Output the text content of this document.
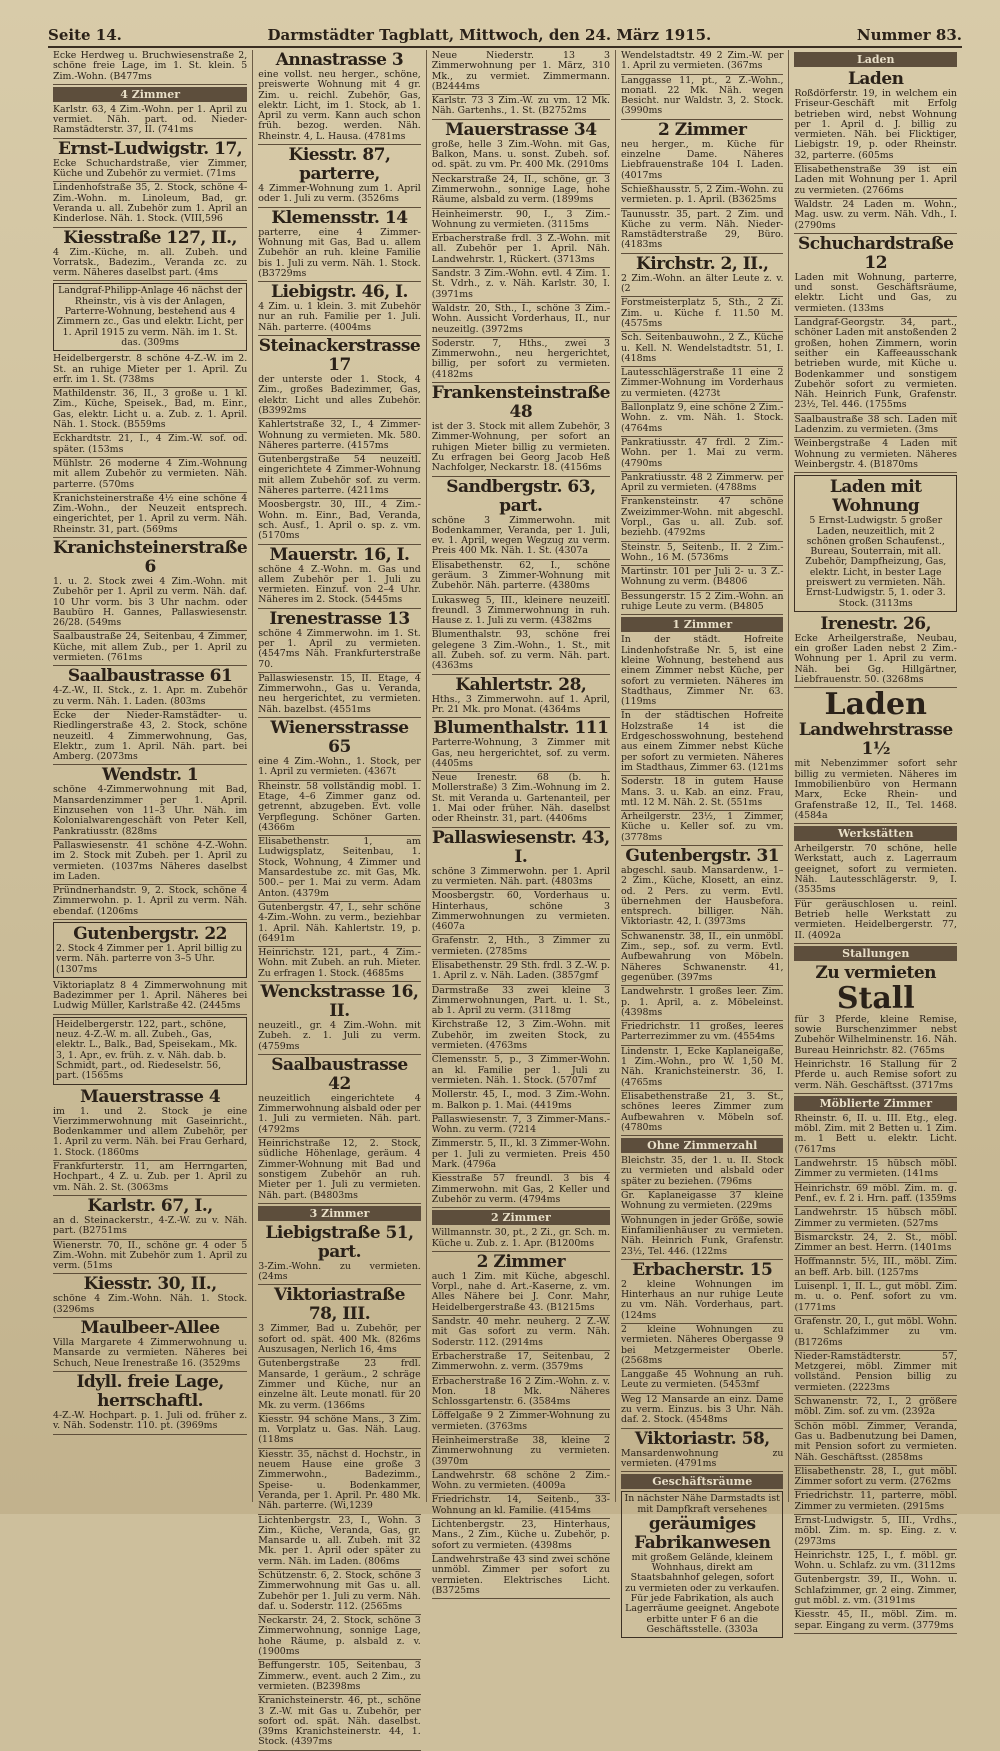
Seite 14.	Darmstädter Tagblatt, Mittwoch, den 24. März 1915.	Nummer 83.
Ecke Herdweg u. Bruchwiesenstraße 2, schöne freie Lage, im 1. St. klein. 5 Zim.-Wohn. (B477ms
4 Zimmer
Karlstr. 63, 4 Zim.-Wohn. per 1. April zu vermiet. Näh. part. od. Nieder-Ramstädterstr. 37, II. (741ms
Ernst-Ludwigstr. 17,
Ecke Schuchardstraße, vier Zimmer, Küche und Zubehör zu vermiet. (71ms
Lindenhofstraße 35, 2. Stock, schöne 4-Zim.-Wohn. m. Linoleum, Bad, gr. Veranda u. all. Zubehör zum 1. April an Kinderlose. Näh. 1. Stock. (VIII,596
Kiesstraße 127, II.,
4 Zim.-Küche, m. all. Zubeh. und Vorratsk., Badezim., Veranda zc. zu verm. Näheres daselbst part. (4ms
Landgraf-Philipp-Anlage 46 nächst der Rheinstr., vis à vis der Anlagen, Parterre-Wohnung, bestehend aus 4 Zimmern zc., Gas und elektr. Licht, per 1. April 1915 zu verm. Näh. im 1. St. das. (309ms
Heidelbergerstr. 8 schöne 4-Z.-W. im 2. St. an ruhige Mieter per 1. April. Zu erfr. im 1. St. (738ms
Mathildenstr. 36, II., 3 große u. 1 kl. Zim., Küche, Speisek., Bad, m. Einr., Gas, elektr. Licht u. a. Zub. z. 1. April. Näh. 1. Stock. (B559ms
Eckhardtstr. 21, I., 4 Zim.-W. sof. od. später. (153ms
Mühlstr. 26 moderne 4 Zim.-Wohnung mit allem Zubehör zu vermieten. Näh. parterre. (570ms
Kranichsteinerstraße 4½ eine schöne 4 Zim.-Wohn., der Neuzeit entsprech. eingerichtet, per 1. April zu verm. Näh. Rheinstr. 31, part. (569ms
Kranichsteinerstraße 6
1. u. 2. Stock zwei 4 Zim.-Wohn. mit Zubehör per 1. April zu verm. Näh. daf. 10 Uhr vorm. bis 3 Uhr nachm. oder Baubüro H. Gannes, Pallaswiesenstr. 26/28. (549ms
Saalbaustraße 24, Seitenbau, 4 Zimmer, Küche, mit allem Zub., per 1. April zu vermieten. (761ms
Saalbaustrasse 61
4-Z.-W., II. Stck., z. 1. Apr. m. Zubehör zu verm. Näh. 1. Laden. (803ms
Ecke der Nieder-Ramstädter- u. Riedlingerstraße 43, 2. Stock, schöne neuzeitl. 4 Zimmerwohnung, Gas, Elektr., zum 1. April. Näh. part. bei Amberg. (2073ms
Wendstr. 1
schöne 4-Zimmerwohnung mit Bad, Mansardenzimmer per 1. April. Einzusehen von 11–3 Uhr. Näh. im Kolonialwarengeschäft von Peter Kell, Pankratiusstr. (828ms
Pallaswiesenstr. 41 schöne 4-Z.-Wohn. im 2. Stock mit Zubeh. per 1. April zu vermieten. (1037ms Näheres daselbst im Laden.
Pründnerhandstr. 9, 2. Stock, schöne 4 Zimmerwohn. p. 1. April zu verm. Näh. ebendaf. (1206ms
Gutenbergstr. 22
2. Stock 4 Zimmer per 1. April billig zu verm. Näh. parterre von 3–5 Uhr. (1307ms
Viktoriaplatz 8 4 Zimmerwohnung mit Badezimmer per 1. April. Näheres bei Ludwig Müller, Karlstraße 42. (2445ms
Heidelbergerstr. 122, part., schöne, neuz. 4-Z.-W. m. all. Zubeh., Gas, elektr. L., Balk., Bad, Speisekam., Mk. 3, 1. Apr., ev. früh. z. v. Näh. dab. b. Schmidt, part., od. Riedeselstr. 56, part. (1565ms
Mauerstrasse 4
im 1. und 2. Stock je eine Vierzimmerwohnung mit Gaseinricht., Bodenkammer und allem Zubehör, per 1. April zu verm. Näh. bei Frau Gerhard, 1. Stock. (1860ms
Frankfurterstr. 11, am Herrngarten, Hochpart., 4 Z. u. Zub. per 1. April zu vm. Näh. 2. St. (3063ms
Karlstr. 67, I.,
an d. Steinackerstr., 4-Z.-W. zu v. Näh. part. (B2751ms
Wienerstr. 70, II., schöne gr. 4 oder 5 Zim.-Wohn. mit Zubehör zum 1. April zu verm. (51ms
Kiesstr. 30, II.,
schöne 4 Zim.-Wohn. Näh. 1. Stock. (3296ms
Maulbeer-Allee
Villa Margarete 4 Zimmerwohnung u. Mansarde zu vermieten. Näheres bei Schuch, Neue Irenestraße 16. (3529ms
Idyll. freie Lage, herrschaftl.
4-Z.-W. Hochpart. p. 1. Juli od. früher z. v. Näh. Sodenstr. 110. pt. (3969ms
Annastrasse 3
eine vollst. neu herger., schöne, preiswerte Wohnung mit 4 gr. Zim. u. reichl. Zubehör, Gas, elektr. Licht, im 1. Stock, ab 1. April zu verm. Kann auch schon früh. bezog. werden. Näh. Rheinstr. 4, L. Hausa. (4781ms
Kiesstr. 87, parterre,
4 Zimmer-Wohnung zum 1. April oder 1. Juli zu verm. (3526ms
Klemensstr. 14
parterre, eine 4 Zimmer-Wohnung mit Gas, Bad u. allem Zubehör an ruh. kleine Familie bis 1. Juli zu verm. Näh. 1. Stock. (B3729ms
Liebigstr. 46, I.
4 Zim. u. 1 klein. 3. mit Zubehör nur an ruh. Familie per 1. Juli. Näh. parterre. (4004ms
Steinackerstrasse 17
der unterste oder 1. Stock, 4 Zim., großes Badezimmer, Gas, elektr. Licht und alles Zubehör. (B3992ms
Kahlertstraße 32, I., 4 Zimmer-Wohnung zu vermieten. Mk. 580. Näheres parterre. (4157ms
Gutenbergstraße 54 neuzeitl. eingerichtete 4 Zimmer-Wohnung mit allem Zubehör sof. zu verm. Näheres parterre. (4211ms
Moosbergstr. 30, III., 4 Zim.-Wohn. m. Einr., Bad, Veranda, sch. Ausf., 1. April o. sp. z. vm. (5170ms
Mauerstr. 16, I.
schöne 4 Z.-Wohn. m. Gas und allem Zubehör per 1. Juli zu vermieten. Einzuf. von 2–4 Uhr. Näheres im 2. Stock. (5445ms
Irenestrasse 13
schöne 4 Zimmerwohn. im 1. St. per 1. April zu vermieten. (4547ms Näh. Frankfurterstraße 70.
Pallaswiesenstr. 15, II. Etage, 4 Zimmerwohn., Gas u. Veranda, neu hergerichtet, zu vermieten. Näh. bazelbst. (4551ms
Wienersstrasse 65
eine 4 Zim.-Wohn., 1. Stock, per 1. April zu vermieten. (4367t
Rheinstr. 58 vollständig mobl. 1. Etage, 4–6 Zimmer ganz od. getrennt, abzugeben. Evt. volle Verpflegung. Schöner Garten. (4366m
Elisabethenstr. 1, am Ludwigsplatz, Seitenbau, 1. Stock, Wohnung, 4 Zimmer und Mansardestube zc. mit Gas, Mk. 500.– per 1. Mai zu verm. Adam Anton. (4379m
Gutenbergstr. 47, I., sehr schöne 4-Zim.-Wohn. zu verm., beziehbar 1. April. Näh. Kahlertstr. 19, p. (6491m
Heinrichstr. 121, part., 4 Zim.-Wohn. mit Zubeh. an ruh. Mieter. Zu erfragen 1. Stock. (4685ms
Wenckstrasse 16, II.
neuzeitl., gr. 4 Zim.-Wohn. mit Zubeh. z. 1. Juli zu verm. (4759ms
Saalbaustrasse 42
neuzeitlich eingerichtete 4 Zimmerwohnung alsbald oder per 1. Juli zu vermieten. Näh. part. (4792ms
Heinrichstraße 12, 2. Stock, südliche Höhenlage, geräum. 4 Zimmer-Wohnung mit Bad und sonstigem Zubehör an ruh. Mieter per 1. Juli zu vermieten. Näh. part. (B4803ms
3 Zimmer
Liebigstraße 51, part.
3-Zim.-Wohn. zu vermieten. (24ms
Viktoriastraße 78, III.
3 Zimmer, Bad u. Zubehör, per sofort od. spät. 400 Mk. (826ms Auszusagen, Nerlich 16, 4ms
Gutenbergstraße 23 frdl. Mansarde, 1 geräum., 2 schräge Zimmer und Küche, nur an einzelne ält. Leute monatl. für 20 Mk. zu verm. (1366ms
Kiesstr. 94 schöne Mans., 3 Zim. m. Vorplatz u. Gas. Näh. Laug. (118ms
Kiesstr. 35, nächst d. Hochstr., in neuem Hause eine große 3 Zimmerwohn., Badezimm., Speise- u. Bodenkammer, Veranda, per 1. April. Pr. 480 Mk. Näh. parterre. (Wi,1239
Lichtenbergstr. 23, I., Wohn. 3 Zim., Küche, Veranda, Gas, gr. Mansarde u. all. Zubeh. mit 32 Mk. per 1. April oder später zu verm. Näh. im Laden. (806ms
Schützenstr. 6, 2. Stock, schöne 3 Zimmerwohnung mit Gas u. all. Zubehör per 1. Juli zu verm. Näh. daf. u. Soderstr. 112. (2565ms
Neckarstr. 24, 2. Stock, schöne 3 Zimmerwohnung, sonnige Lage, hohe Räume, p. alsbald z. v. (1900ms
Beffungerstr. 105, Seitenbau, 3 Zimmerw., event. auch 2 Zim., zu vermieten. (B2398ms
Kranichsteinerstr. 46, pt., schöne 3 Z.-W. mit Gas u. Zubehör, per sofort od. spät. Näh. daselbst. (39ms Kranichsteinerstr. 44, 1. Stock. (4397ms
Neue Niederstr. 13 3 Zimmerwohnung per 1. März, 310 Mk., zu vermiet. Zimmermann. (B2444ms
Karlstr. 73 3 Zim.-W. zu vm. 12 Mk. Näh. Gartenhs., 1. St. (B2752ms
Mauerstrasse 34
große, helle 3 Zim.-Wohn. mit Gas, Balkon, Mans. u. sonst. Zubeh. sof. od. spät. zu vm. Pr. 400 Mk. (2910ms
Neckarstraße 24, II., schöne, gr. 3 Zimmerwohn., sonnige Lage, hohe Räume, alsbald zu verm. (1899ms
Heinheimerstr. 90, I., 3 Zim.-Wohnung zu vermieten. (3115ms
Erbacherstraße frdl. 3 Z.-Wohn. mit all. Zubehör per 1. April. Näh. Landwehrstr. 1, Rückert. (3713ms
Sandstr. 3 Zim.-Wohn. evtl. 4 Zim. 1. St. Vdrh., z. v. Näh. Karlstr. 30, I. (3971ms
Waldstr. 20, Sth., I., schöne 3 Zim.-Wohn. Aussicht Vorderhaus, II., nur neuzeitlg. (3972ms
Soderstr. 7, Hths., zwei 3 Zimmerwohn., neu hergerichtet, billig, per sofort zu vermieten. (4182ms
Frankensteinstraße 48
ist der 3. Stock mit allem Zubehör, 3 Zimmer-Wohnung, per sofort an ruhigen Mieter billig zu vermieten. Zu erfragen bei Georg Jacob Heß Nachfolger, Neckarstr. 18. (4156ms
Sandbergstr. 63, part.
schöne 3 Zimmerwohn. mit Bodenkammer, Veranda, per 1. Juli, ev. 1. April, wegen Wegzug zu verm. Preis 400 Mk. Näh. 1. St. (4307a
Elisabethenstr. 62, I., schöne geräum. 3 Zimmer-Wohnung mit Zubehör. Näh. parterre. (4380ms
Lukasweg 5, III., kleinere neuzeitl. freundl. 3 Zimmerwohnung in ruh. Hause z. 1. Juli zu verm. (4382ms
Blumenthalstr. 93, schöne frei gelegene 3 Zim.-Wohn., 1. St., mit all. Zubeh. sof. zu verm. Näh. part. (4363ms
Kahlertstr. 28,
Hths., 3 Zimmerwohn. auf 1. April, Pr. 21 Mk. pro Monat. (4364ms
Blumenthalstr. 111
Parterre-Wohnung, 3 Zimmer mit Gas, neu hergerichtet, sof. zu verm. (4405ms
Neue Irenestr. 68 (b. h. Mollerstraße) 3 Zim.-Wohnung im 2. St. mit Veranda u. Gartenanteil, per 1. Mai oder früher. Näh. daselbst oder Rheinstr. 31, part. (4406ms
Pallaswiesenstr. 43, I.
schöne 3 Zimmerwohn. per 1. April zu vermieten. Näh. part. (4803ms
Moosbergstr. 60, Vorderhaus u. Hinterhaus, schöne 3 Zimmerwohnungen zu vermieten. (4607a
Grafenstr. 2, Hth., 3 Zimmer zu vermieten. (2785ms
Elisabethenstr. 29 Sth. frdl. 3 Z.-W. p. 1. April z. v. Näh. Laden. (3857gmf
Darmstraße 33 zwei kleine 3 Zimmerwohnungen, Part. u. 1. St., ab 1. April zu verm. (3118mg
Kirchstraße 12, 3 Zim.-Wohn. mit Zubehör, im zweiten Stock, zu vermieten. (4763ms
Clemensstr. 5, p., 3 Zimmer-Wohn. an kl. Familie per 1. Juli zu vermieten. Näh. 1. Stock. (5707mf
Mollerstr. 45, I., mod. 3 Zim.-Wohn. m. Balkon p. 1. Mai. (4419ms
Pallaswiesenstr. 7, 3 Zimmer-Mans.-Wohn. zu verm. (7214
Zimmerstr. 5, II., kl. 3 Zimmer-Wohn. per 1. Juli zu vermieten. Preis 450 Mark. (4796a
Kiesstraße 57 freundl. 3 bis 4 Zimmerwohn. mit Gas, 2 Keller und Zubehör zu verm. (4794ms
2 Zimmer
Willmannstr. 30, pt., 2 Zi., gr. Sch. m. Küche u. Zub. z. 1. Apr. (B1200ms
2 Zimmer
auch 1 Zim. mit Küche, abgeschl. Vorpl., nahe d. Art.-Kaserne, z. vm. Alles Nähere bei J. Conr. Mahr, Heidelbergerstraße 43. (B1215ms
Sandstr. 40 mehr. neuherg. 2 Z.-W. mit Gas sofort zu verm. Näh. Soderstr. 112. (2914ms
Erbacherstraße 17, Seitenbau, 2 Zimmerwohn. z. verm. (3579ms
Erbacherstraße 16 2 Zim.-Wohn. z. v. Mon. 18 Mk. Näheres Schlossgartenstr. 6. (3584ms
Löffelgaße 9 2 Zimmer-Wohnung zu vermieten. (3763ms
Heinheimerstraße 38, kleine 2 Zimmerwohnung zu vermieten. (3970m
Landwehrstr. 68 schöne 2 Zim.-Wohn. zu vermieten. (4009a
Friedrichstr. 14, Seitenb., 33-Wohnung an kl. Familie. (4154ms
Lichtenbergstr. 23, Hinterhaus, Mans., 2 Zim., Küche u. Zubehör, p. sofort zu vermieten. (4398ms
Landwehrstraße 43 sind zwei schöne unmöbl. Zimmer per sofort zu vermieten. Elektrisches Licht. (B3725ms
Wendelstadtstr. 49 2 Zim.-W. per 1. April zu vermieten. (367ms
Langgasse 11, pt., 2 Z.-Wohn., monatl. 22 Mk. Näh. wegen Besicht. nur Waldstr. 3, 2. Stock. (3990ms
2 Zimmer
neu herger., m. Küche für einzelne Dame. Näheres Liebfrauenstraße 104 I. Laden. (4017ms
Schießhausstr. 5, 2 Zim.-Wohn. zu vermieten. p. 1. April. (B3625ms
Taunusstr. 35, part. 2 Zim. und Küche zu verm. Näh. Nieder-Ramstädterstraße 29, Büro. (4183ms
Kirchstr. 2, II.,
2 Zim.-Wohn. an älter Leute z. v. (2
Forstmeisterplatz 5, Sth., 2 Zi. Zim. u. Küche f. 11.50 M. (4575ms
Sch. Seitenbauwohn., 2 Z., Küche u. Kell. N. Wendelstadtstr. 51, I. (418ms
Lautesschlägerstraße 11 eine 2 Zimmer-Wohnung im Vorderhaus zu vermieten. (4273t
Ballonplatz 9, eine schöne 2 Zim.-Wohn. z. vm. Näh. 1. Stock. (4764ms
Pankratiusstr. 47 frdl. 2 Zim.-Wohn. per 1. Mai zu verm. (4790ms
Pankratiusstr. 48 2 Zimmerw. per April zu vermieten. (4788ms
Frankensteinstr. 47 schöne Zweizimmer-Wohn. mit abgeschl. Vorpl., Gas u. all. Zub. sof. beziehb. (4792ms
Steinstr. 5, Seitenb., II. 2 Zim.-Wohn., 16 M. (5736ms
Martinstr. 101 per Juli 2- u. 3 Z.-Wohnung zu verm. (B4806
Bessungerstr. 15 2 Zim.-Wohn. an ruhige Leute zu verm. (B4805
1 Zimmer
In der städt. Hofreite Lindenhofstraße Nr. 5, ist eine kleine Wohnung, bestehend aus einem Zimmer nebst Küche, per sofort zu vermieten. Näheres im Stadthaus, Zimmer Nr. 63. (119ms
In der städtischen Hofreite Holzstraße 14 ist die Erdgeschosswohnung, bestehend aus einem Zimmer nebst Küche per sofort zu vermieten. Näheres im Stadthaus, Zimmer 63. (121ms
Soderstr. 18 in gutem Hause Mans. 3. u. Kab. an einz. Frau, mtl. 12 M. Näh. 2. St. (551ms
Arheilgerstr. 23½, 1 Zimmer, Küche u. Keller sof. zu vm. (3778ms
Gutenbergstr. 31
abgeschl. saub. Mansardenw., 1–2 Zim., Küche, Klosett, an einz. od. 2 Pers. zu verm. Evtl. übernehmen der Hausbefora. entsprech. billiger. Näh. Viktoriastr. 42, I. (3973ms
Schwanenstr. 38, II., ein unmöbl. Zim., sep., sof. zu verm. Evtl. Aufbewahrung von Möbeln. Näheres Schwanenstr. 41, gegenüber. (397ms
Landwehrstr. 1 großes leer. Zim. p. 1. April, a. z. Möbeleinst. (4398ms
Friedrichstr. 11 großes, leeres Parterrezimmer zu vm. (4554ms
Lindenstr. 1, Ecke Kaplaneigaße, 1 Zim.-Wohn., pro W. 1,50 M. Näh. Kranichsteinerstr. 36, I. (4765ms
Elisabethenstraße 21, 3. St., schönes leeres Zimmer zum Aufbewahren v. Möbeln sof. (4780ms
Ohne Zimmerzahl
Bleichstr. 35, der 1. u. II. Stock zu vermieten und alsbald oder später zu beziehen. (796ms
Gr. Kaplaneigasse 37 kleine Wohnung zu vermieten. (229ms
Wohnungen in jeder Größe, sowie Einfamilienhäuser zu vermieten. Näh. Heinrich Funk, Grafenstr. 23½, Tel. 446. (122ms
Erbacherstr. 15
2 kleine Wohnungen im Hinterhaus an nur ruhige Leute zu vm. Näh. Vorderhaus, part. (124ms
2 kleine Wohnungen zu vermieten. Näheres Obergasse 9 bei Metzgermeister Oberle. (2568ms
Langgaße 45 Wohnung an ruh. Leute zu vermieten. (5453mf
Weg 12 Mansarde an einz. Dame zu verm. Einzus. bis 3 Uhr. Näh. daf. 2. Stock. (4548ms
Viktoriastr. 58,
Mansardenwohnung zu vermieten. (4791ms
Geschäftsräume
In nächster Nähe Darmstadts ist mit Dampfkraft versehenes
geräumiges
Fabrikanwesen
mit großem Gelände, kleinem Wohnhaus, direkt am Staatsbahnhof gelegen, sofort zu vermieten oder zu verkaufen. Für jede Fabrikation, als auch Lagerräume geeignet. Angebote erbitte unter F 6 an die Geschäftsstelle. (3303a
Laden
Laden
Roßdörferstr. 19, in welchem ein Friseur-Geschäft mit Erfolg betrieben wird, nebst Wohnung per 1. April d. J. billig zu vermieten. Näh. bei Flicktiger, Liebigstr. 19, p. oder Rheinstr. 32, parterre. (605ms
Elisabethenstraße 39 ist ein Laden mit Wohnung per 1. April zu vermieten. (2766ms
Waldstr. 24 Laden m. Wohn., Mag. usw. zu verm. Näh. Vdh., I. (2790ms
Schuchardstraße 12
Laden mit Wohnung, parterre, und sonst. Geschäftsräume, elektr. Licht und Gas, zu vermieten. (133ms
Landgraf-Georgstr. 34, part., schöner Laden mit anstoßenden 2 großen, hohen Zimmern, worin seither ein Kaffeeausschank betrieben wurde, mit Küche u. Bodenkammer und sonstigem Zubehör sofort zu vermieten. Näh. Heinrich Funk, Grafenstr. 23½, Tel. 446. (1755ms
Saalbaustraße 38 sch. Laden mit Ladenzim. zu vermieten. (3ms
Weinbergstraße 4 Laden mit Wohnung zu vermieten. Näheres Weinbergstr. 4. (B1870ms
Laden mit Wohnung
5 Ernst-Ludwigstr. 5 großer Laden, neuzeitlich, mit 2 schönen großen Schaufenst., Bureau, Souterrain, mit all. Zubehör, Dampfheizung, Gas, elektr. Licht, in bester Lage preiswert zu vermieten. Näh. Ernst-Ludwigstr. 5, 1. oder 3. Stock. (3113ms
Irenestr. 26,
Ecke Arheilgerstraße, Neubau, ein großer Laden nebst 2 Zim.-Wohnung per 1. April zu verm. Näh. bei Gg. Hillgärtner, Liebfrauenstr. 50. (3268ms
Laden
Landwehrstrasse 1½
mit Nebenzimmer sofort sehr billig zu vermieten. Näheres im Immobilienbüro von Hermann Marx, Ecke Rhein- und Grafenstraße 12, II., Tel. 1468. (4584a
Werkstätten
Arheilgerstr. 70 schöne, helle Werkstatt, auch z. Lagerraum geeignet, sofort zu vermieten. Näh. Lautesschlägerstr. 9, I. (3535ms
Für geräuschlosen u. reinl. Betrieb helle Werkstatt zu vermieten. Heidelbergerstr. 77, II. (4092a
Stallungen
Zu vermieten
Stall
für 3 Pferde, kleine Remise, sowie Burschenzimmer nebst Zubehör Wilhelminenstr. 16. Näh. Bureau Heinrichstr. 82. (765ms
Heinrichstr. 16 Stallung für 2 Pferde u. auch Remise sofort zu verm. Näh. Geschäftsst. (3717ms
Möblierte Zimmer
Rheinstr. 6, II. u. III. Etg., eleg. möbl. Zim. mit 2 Betten u. 1 Zim. m. 1 Bett u. elektr. Licht. (7617ms
Landwehrstr. 15 hübsch möbl. Zimmer zu vermieten. (141ms
Heinrichstr. 69 möbl. Zim. m. g. Penf., ev. f. 2 i. Hrn. paff. (1359ms
Landwehrstr. 15 hübsch möbl. Zimmer zu vermieten. (527ms
Bismarckstr. 24, 2. St., möbl. Zimmer an best. Herrn. (1401ms
Hoffmannstr. 5½, III., möbl. Zim. an beff. Arb. bill. (1257ms
Luisenpl. 1, II. L., gut möbl. Zim. m. u. o. Penf. sofort zu vm. (1771ms
Grafenstr. 20, I., gut möbl. Wohn. u. Schlafzimmer zu vm. (B1726ms
Nieder-Ramstädterstr. 57, Metzgerei, möbl. Zimmer mit vollständ. Pension billig zu vermieten. (2223ms
Schwanenstr. 72, I., 2 größere möbl. Zim. sof. zu vm. (2392a
Schön möbl. Zimmer, Veranda, Gas u. Badbenutzung bei Damen, mit Pension sofort zu vermieten. Näh. Geschäftsst. (2858ms
Elisabethenstr. 28, I., gut möbl. Zimmer sofort zu verm. (2762ms
Friedrichstr. 11, parterre, möbl. Zimmer zu vermieten. (2915ms
Ernst-Ludwigstr. 5, III., Vrdhs., möbl. Zim. m. sp. Eing. z. v. (2973ms
Heinrichstr. 125, I., f. möbl. gr. Wohn. u. Schlafz. zu vm. (3112ms
Gutenbergstr. 39, II., Wohn. u. Schlafzimmer, gr. 2 eing. Zimmer, gut möbl. z. vm. (3191ms
Kiesstr. 45, II., möbl. Zim. m. separ. Eingang zu verm. (3779ms
